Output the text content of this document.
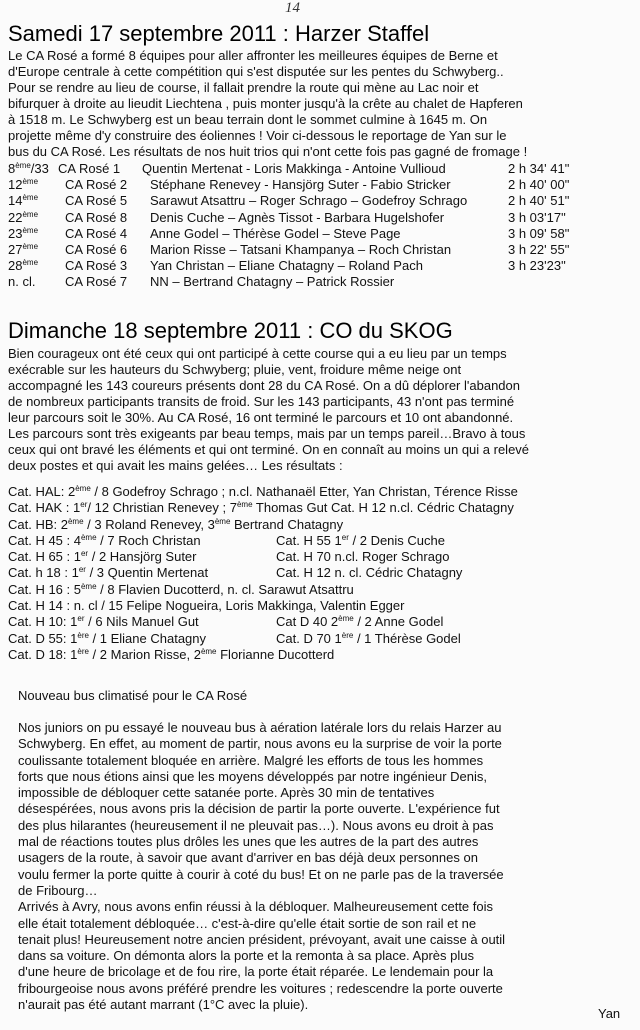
14
Samedi 17 septembre 2011 : Harzer Staffel
Le CA Rosé a formé 8 équipes pour aller affronter les meilleures équipes de Berne et
d'Europe centrale à cette compétition qui s'est disputée sur les pentes du Schwyberg..
Pour se rendre au lieu de course, il fallait prendre la route qui mène au Lac noir et
bifurquer à droite au lieudit Liechtena , puis monter jusqu'à la crête au chalet de Hapferen
à 1518 m. Le Schwyberg est un beau terrain dont le sommet culmine à 1645 m. On
projette même d'y construire des éoliennes ! Voir ci-dessous le reportage de Yan sur le
bus du CA Rosé. Les résultats de nos huit trios qui n'ont cette fois pas gagné de fromage !
8ème/33 CA Rosé 1 Quentin Mertenat - Loris Makkinga - Antoine Vullioud	2 h 34' 41"
12ème CA Rosé 2 Stéphane Renevey - Hansjörg Suter - Fabio Stricker	2 h 40' 00"
14ème CA Rosé 5 Sarawut Atsattru – Roger Schrago – Godefroy Schrago	2 h 40' 51"
22ème CA Rosé 8 Denis Cuche – Agnès Tissot - Barbara Hugelshofer	3 h 03'17"
23ème CA Rosé 4 Anne Godel – Thérèse Godel – Steve Page	3 h 09' 58"
27ème CA Rosé 6 Marion Risse – Tatsani Khampanya – Roch Christan	3 h 22' 55"
28ème CA Rosé 3 Yan Christan – Eliane Chatagny – Roland Pach	3 h 23'23"
n. cl. CA Rosé 7 NN – Bertrand Chatagny – Patrick Rossier
Dimanche 18 septembre 2011 : CO du SKOG
Bien courageux ont été ceux qui ont participé à cette course qui a eu lieu par un temps
exécrable sur les hauteurs du Schwyberg; pluie, vent, froidure même neige ont
accompagné les 143 coureurs présents dont 28 du CA Rosé. On a dû déplorer l'abandon
de nombreux participants transits de froid. Sur les 143 participants, 43 n'ont pas terminé
leur parcours soit le 30%. Au CA Rosé, 16 ont terminé le parcours et 10 ont abandonné.
Les parcours sont très exigeants par beau temps, mais par un temps pareil…Bravo à tous
ceux qui ont bravé les éléments et qui ont terminé. On en connaît au moins un qui a relevé
deux postes et qui avait les mains gelées… Les résultats :
Cat. HAL: 2ème / 8 Godefroy Schrago ; n.cl. Nathanaël Etter, Yan Christan, Térence Risse
Cat. HAK : 1er/ 12 Christian Renevey ; 7ème Thomas Gut Cat. H 12 n.cl. Cédric Chatagny
Cat. HB: 2ème / 3 Roland Renevey, 3ème Bertrand Chatagny
Cat. H 45 : 4ème / 7 Roch Christan	Cat. H 55 1er / 2 Denis Cuche
Cat. H 65 : 1er / 2 Hansjörg Suter	Cat. H 70 n.cl. Roger Schrago
Cat. h 18 : 1er / 3 Quentin Mertenat	Cat. H 12 n. cl. Cédric Chatagny
Cat. H 16 : 5ème / 8 Flavien Ducotterd, n. cl. Sarawut Atsattru
Cat. H 14 : n. cl / 15 Felipe Nogueira, Loris Makkinga, Valentin Egger
Cat. H 10: 1er / 6 Nils Manuel Gut	Cat D 40 2ème / 2 Anne Godel
Cat. D 55: 1ère / 1 Eliane Chatagny	Cat. D 70 1ère / 1 Thérèse Godel
Cat. D 18: 1ère / 2 Marion Risse, 2ème Florianne Ducotterd
Nouveau bus climatisé pour le CA Rosé
Nos juniors on pu essayé le nouveau bus à aération latérale lors du relais Harzer au
Schwyberg. En effet, au moment de partir, nous avons eu la surprise de voir la porte
coulissante totalement bloquée en arrière. Malgré les efforts de tous les hommes
forts que nous étions ainsi que les moyens développés par notre ingénieur Denis,
impossible de débloquer cette satanée porte. Après 30 min de tentatives
désespérées, nous avons pris la décision de partir la porte ouverte. L'expérience fut
des plus hilarantes (heureusement il ne pleuvait pas…). Nous avons eu droit à pas
mal de réactions toutes plus drôles les unes que les autres de la part des autres
usagers de la route, à savoir que avant d'arriver en bas déjà deux personnes on
voulu fermer la porte quitte à courir à coté du bus! Et on ne parle pas de la traversée
de Fribourg…
Arrivés à Avry, nous avons enfin réussi à la débloquer. Malheureusement cette fois
elle était totalement débloquée… c'est-à-dire qu'elle était sortie de son rail et ne
tenait plus! Heureusement notre ancien président, prévoyant, avait une caisse à outil
dans sa voiture. On démonta alors la porte et la remonta à sa place. Après plus
d'une heure de bricolage et de fou rire, la porte était réparée. Le lendemain pour la
fribourgeoise nous avons préféré prendre les voitures ; redescendre la porte ouverte
n'aurait pas été autant marrant (1°C avec la pluie).
Yan
